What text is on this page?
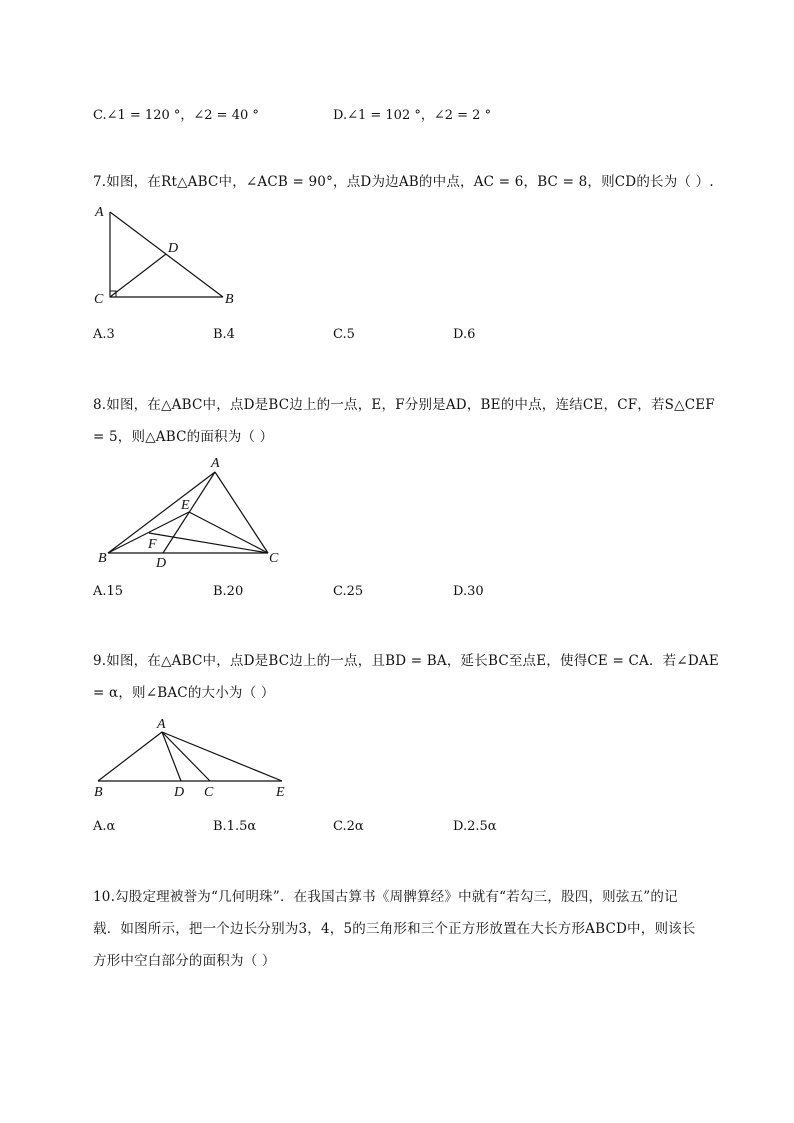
C.∠1 = 120 °，∠2 = 40 °	D.∠1 = 102 °，∠2 = 2 °
7.如图，在Rt△ABC中，∠ACB = 90°，点D为边AB的中点，AC = 6，BC = 8，则CD的长为（ ）.
A
D
C	B
A.3	B.4	C.5	D.6
8.如图，在△ABC中，点D是BC边上的一点，E，F分别是AD，BE的中点，连结CE，CF，若S△CEF
= 5，则△ABC的面积为（ ）
A
E
F
B	D	C
A.15	B.20	C.25	D.30
9.如图，在△ABC中，点D是BC边上的一点，且BD = BA，延长BC至点E，使得CE = CA．若∠DAE
= α，则∠BAC的大小为（ ）
A
B	D C	E
A.α	B.1.5α	C.2α	D.2.5α
10.勾股定理被誉为“几何明珠”．在我国古算书《周髀算经》中就有“若勾三，股四，则弦五”的记
载．如图所示，把一个边长分别为3，4，5的三角形和三个正方形放置在大长方形ABCD中，则该长
方形中空白部分的面积为（ ）
